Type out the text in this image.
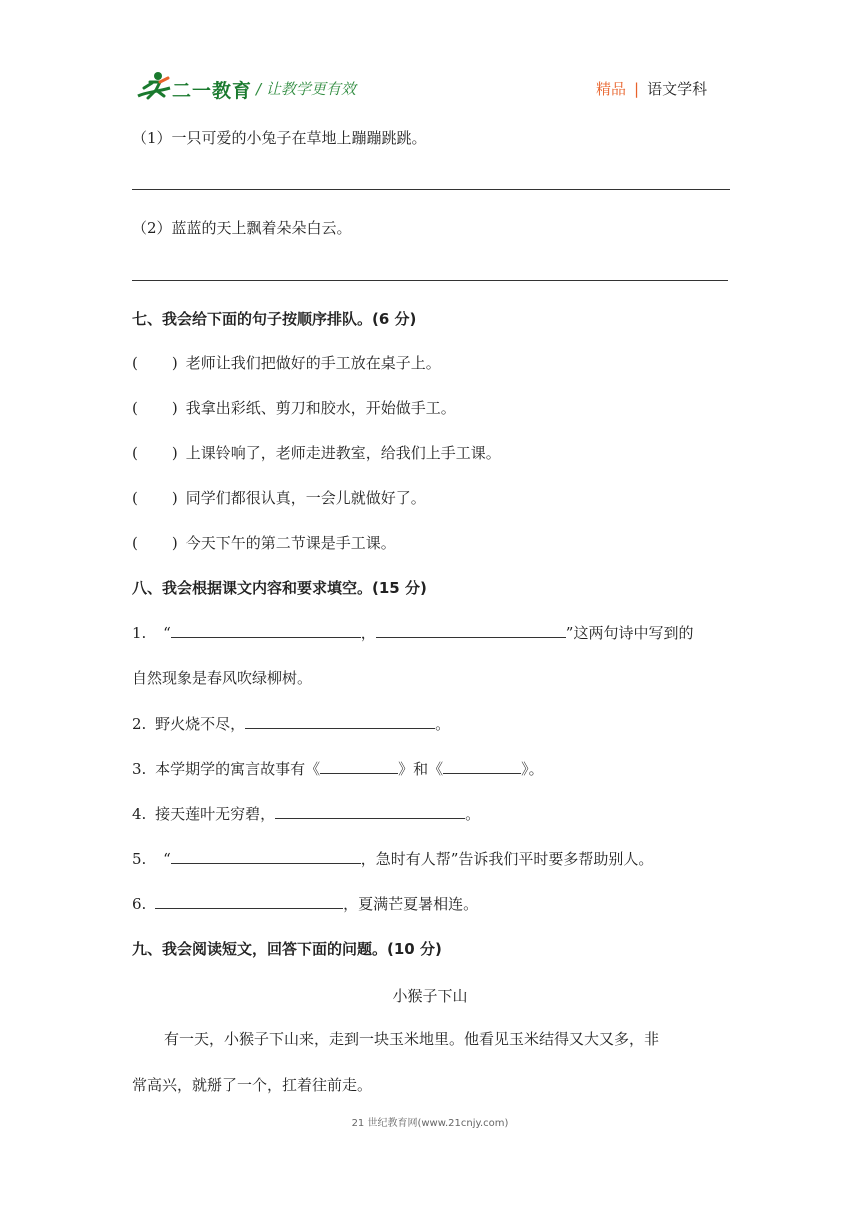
二一教育 / 让教学更有效	精品 | 语文学科
（1）一只可爱的小兔子在草地上蹦蹦跳跳。
（2）蓝蓝的天上飘着朵朵白云。
七、我会给下面的句子按顺序排队。(6 分)
( ) 老师让我们把做好的手工放在桌子上。
( ) 我拿出彩纸、剪刀和胶水，开始做手工。
( ) 上课铃响了，老师走进教室，给我们上手工课。
( ) 同学们都很认真，一会儿就做好了。
( ) 今天下午的第二节课是手工课。
八、我会根据课文内容和要求填空。(15 分)
1. “	，	”这两句诗中写到的
自然现象是春风吹绿柳树。
2. 野火烧不尽，	。
3. 本学期学的寓言故事有《	》和《	》。
4. 接天莲叶无穷碧，	。
5. “	，急时有人帮”告诉我们平时要多帮助别人。
6.	，夏满芒夏暑相连。
九、我会阅读短文，回答下面的问题。(10 分)
小猴子下山
有一天，小猴子下山来，走到一块玉米地里。他看见玉米结得又大又多，非
常高兴，就掰了一个，扛着往前走。
21 世纪教育网(www.21cnjy.com)
